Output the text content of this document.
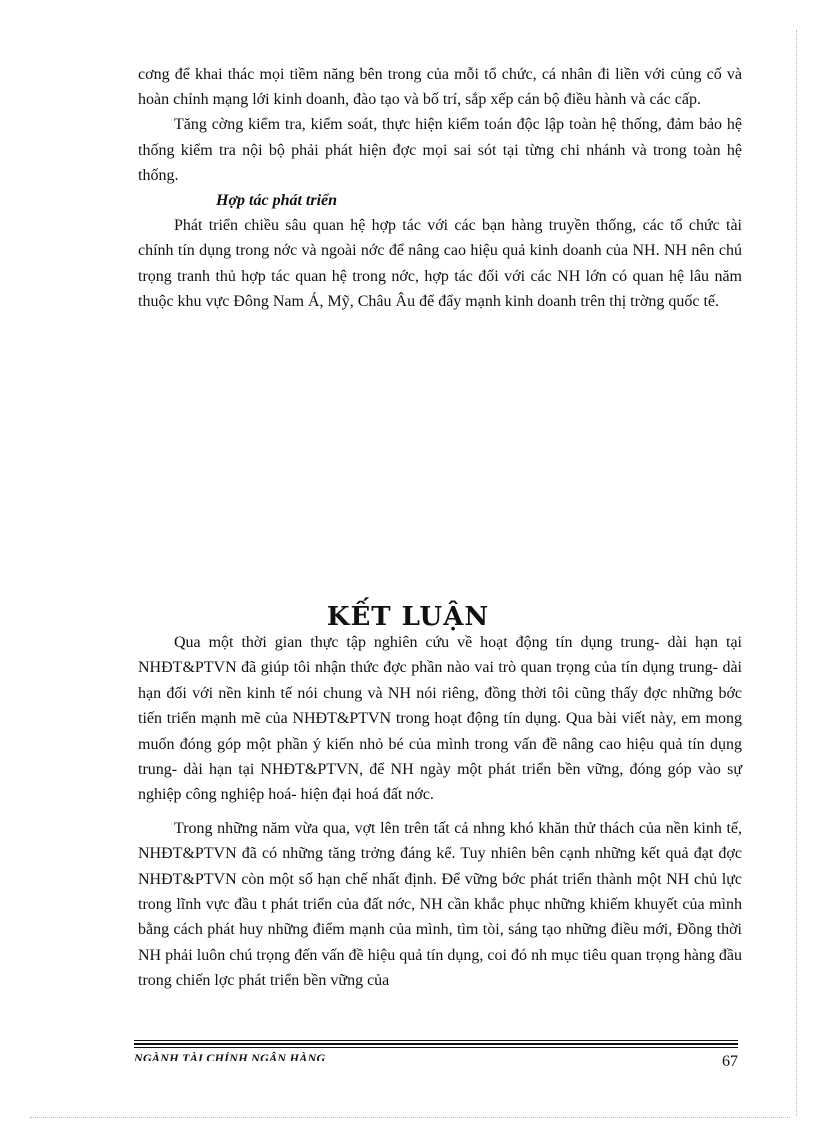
cơng để khai thác mọi tiềm năng bên trong của mỗi tổ chức, cá nhân đi liền với củng cố và hoàn chỉnh mạng lới kinh doanh, đào tạo và bố trí, sắp xếp cán bộ điều hành và các cấp.

Tăng cờng kiểm tra, kiểm soát, thực hiện kiểm toán độc lập toàn hệ thống, đảm bảo hệ thống kiểm tra nội bộ phải phát hiện đợc mọi sai sót tại từng chi nhánh và trong toàn hệ thống.

Hợp tác phát triển

Phát triển chiều sâu quan hệ hợp tác với các bạn hàng truyền thống, các tổ chức tài chính tín dụng trong nớc và ngoài nớc để nâng cao hiệu quả kinh doanh của NH. NH nên chú trọng tranh thủ hợp tác quan hệ trong nớc, hợp tác đối với các NH lớn có quan hệ lâu năm thuộc khu vực Đông Nam Á, Mỹ, Châu Âu để đẩy mạnh kinh doanh trên thị trờng quốc tế.

KẾT LUẬN

Qua một thời gian thực tập nghiên cứu về hoạt động tín dụng trung- dài hạn tại NHĐT&PTVN đã giúp tôi nhận thức đợc phần nào vai trò quan trọng của tín dụng trung- dài hạn đối với nền kinh tế nói chung và NH nói riêng, đồng thời tôi cũng thấy đợc những bớc tiến triển mạnh mẽ của NHĐT&PTVN trong hoạt động tín dụng. Qua bài viết này, em mong muốn đóng góp một phần ý kiến nhỏ bé của mình trong vấn đề nâng cao hiệu quả tín dụng trung- dài hạn tại NHĐT&PTVN, để NH ngày một phát triển bền vững, đóng góp vào sự nghiệp công nghiệp hoá- hiện đại hoá đất nớc.

Trong những năm vừa qua, vợt lên trên tất cả nhng khó khăn thử thách của nền kinh tế, NHĐT&PTVN đã có những tăng trởng đáng kể. Tuy nhiên bên cạnh những kết quả đạt đợc NHĐT&PTVN còn một số hạn chế nhất định. Để vững bớc phát triển thành một NH chủ lực trong lĩnh vực đầu t phát triển của đất nớc, NH cần khắc phục những khiếm khuyết của mình bằng cách phát huy những điểm mạnh của mình, tìm tòi, sáng tạo những điều mới, Đồng thời NH phải luôn chú trọng đến vấn đề hiệu quả tín dụng, coi đó nh mục tiêu quan trọng hàng đầu trong chiến lợc phát triển bền vững của

NGÀNH TÀI CHÍNH NGÂN HÀNG	67
